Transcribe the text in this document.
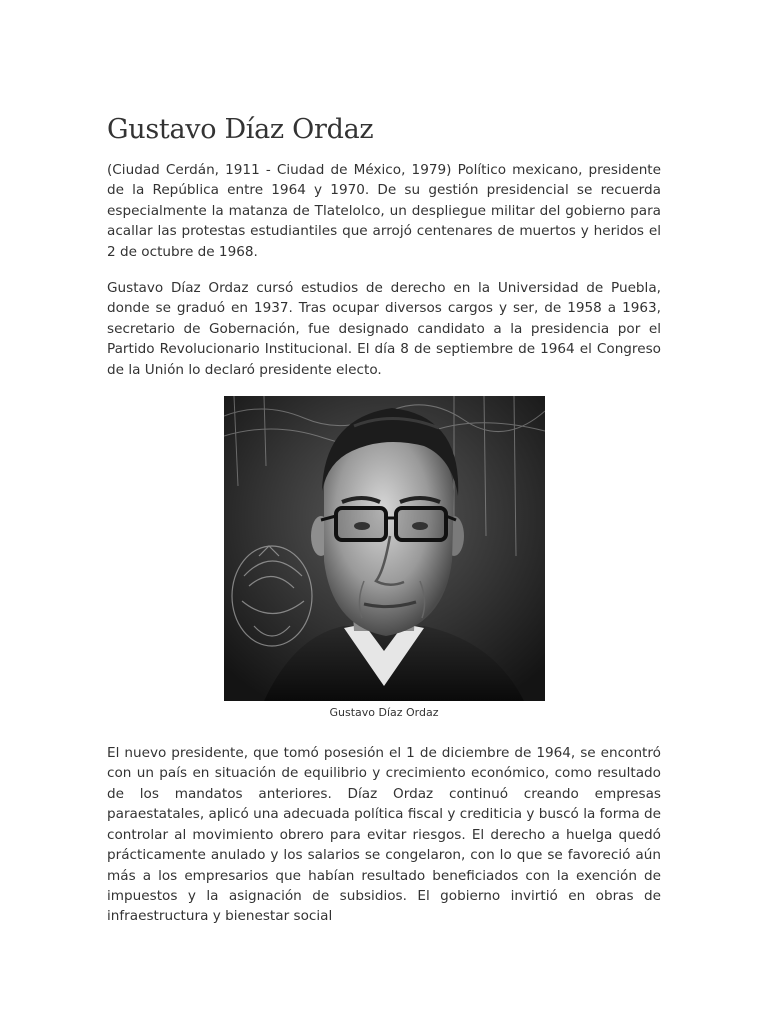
Gustavo Díaz Ordaz

(Ciudad Cerdán, 1911 - Ciudad de México, 1979) Político mexicano, presidente de la República entre 1964 y 1970. De su gestión presidencial se recuerda especialmente la matanza de Tlatelolco, un despliegue militar del gobierno para acallar las protestas estudiantiles que arrojó centenares de muertos y heridos el 2 de octubre de 1968.

Gustavo Díaz Ordaz cursó estudios de derecho en la Universidad de Puebla, donde se graduó en 1937. Tras ocupar diversos cargos y ser, de 1958 a 1963, secretario de Gobernación, fue designado candidato a la presidencia por el Partido Revolucionario Institucional. El día 8 de septiembre de 1964 el Congreso de la Unión lo declaró presidente electo.

Gustavo Díaz Ordaz

El nuevo presidente, que tomó posesión el 1 de diciembre de 1964, se encontró con un país en situación de equilibrio y crecimiento económico, como resultado de los mandatos anteriores. Díaz Ordaz continuó creando empresas paraestatales, aplicó una adecuada política fiscal y crediticia y buscó la forma de controlar al movimiento obrero para evitar riesgos. El derecho a huelga quedó prácticamente anulado y los salarios se congelaron, con lo que se favoreció aún más a los empresarios que habían resultado beneficiados con la exención de impuestos y la asignación de subsidios. El gobierno invirtió en obras de infraestructura y bienestar social
